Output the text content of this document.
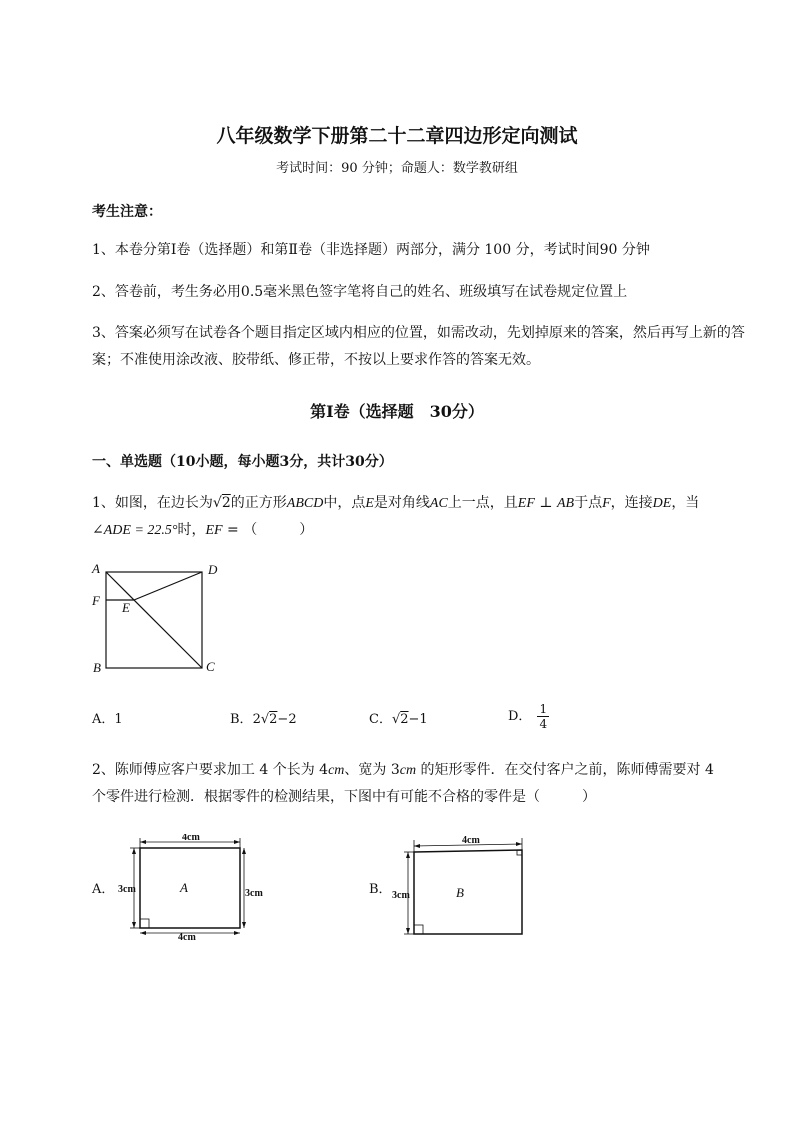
八年级数学下册第二十二章四边形定向测试
考试时间：90 分钟；命题人：数学教研组
考生注意：
1、本卷分第Ⅰ卷（选择题）和第Ⅱ卷（非选择题）两部分，满分 100 分，考试时间90 分钟
2、答卷前，考生务必用0.5毫米黑色签字笔将自己的姓名、班级填写在试卷规定位置上
3、答案必须写在试卷各个题目指定区域内相应的位置，如需改动，先划掉原来的答案，然后再写上新的答案；不准使用涂改液、胶带纸、修正带，不按以上要求作答的答案无效。
第Ⅰ卷（选择题　30分）
一、单选题（10小题，每小题3分，共计30分）
1、如图，在边长为√2的正方形ABCD中，点E是对角线AC上一点，且EF ⊥ AB于点F，连接DE，当
∠ADE = 22.5°时，EF = （　　　）
A	D
F E
B	C
A．1	B．2√2−2	C．√2−1	D． $\frac{1}{4}$
2、陈师傅应客户要求加工 4 个长为 4cm、宽为 3cm 的矩形零件．在交付客户之前，陈师傅需要对 4
个零件进行检测．根据零件的检测结果，下图中有可能不合格的零件是（　　　）
A．
4cm
4cm
3cm	3cm
A	B．
4cm
3cm	B
